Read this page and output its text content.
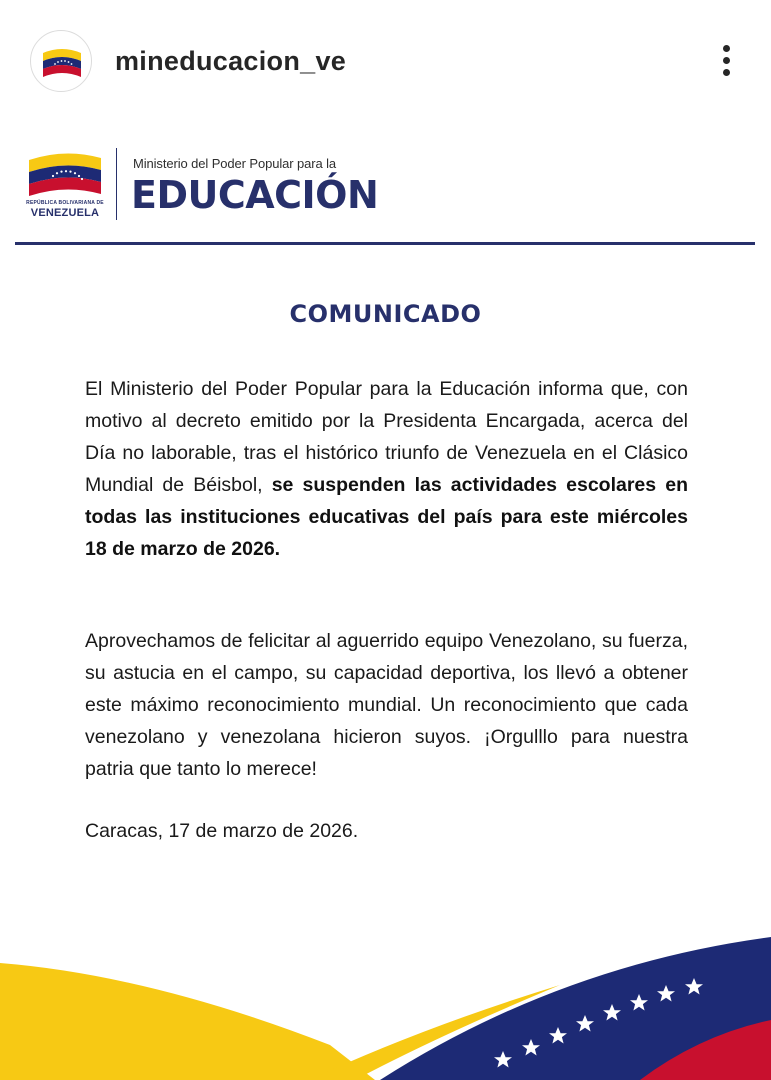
mineducacion_ve
REPÚBLICA BOLIVARIANA DE
VENEZUELA
Ministerio del Poder Popular para la
EDUCACIÓN
COMUNICADO
El Ministerio del Poder Popular para la Educación informa que, con motivo al decreto emitido por la Presidenta Encargada, acerca del Día no laborable, tras el histórico triunfo de Venezuela en el Clásico Mundial de Béisbol, se suspenden las actividades escolares en todas las instituciones educativas del país para este miércoles 18 de marzo de 2026.
Aprovechamos de felicitar al aguerrido equipo Venezolano, su fuerza, su astucia en el campo, su capacidad deportiva, los llevó a obtener este máximo reconocimiento mundial. Un reconocimiento que cada venezolano y venezolana hicieron suyos. ¡Orgulllo para nuestra patria que tanto lo merece!
Caracas, 17 de marzo de 2026.
